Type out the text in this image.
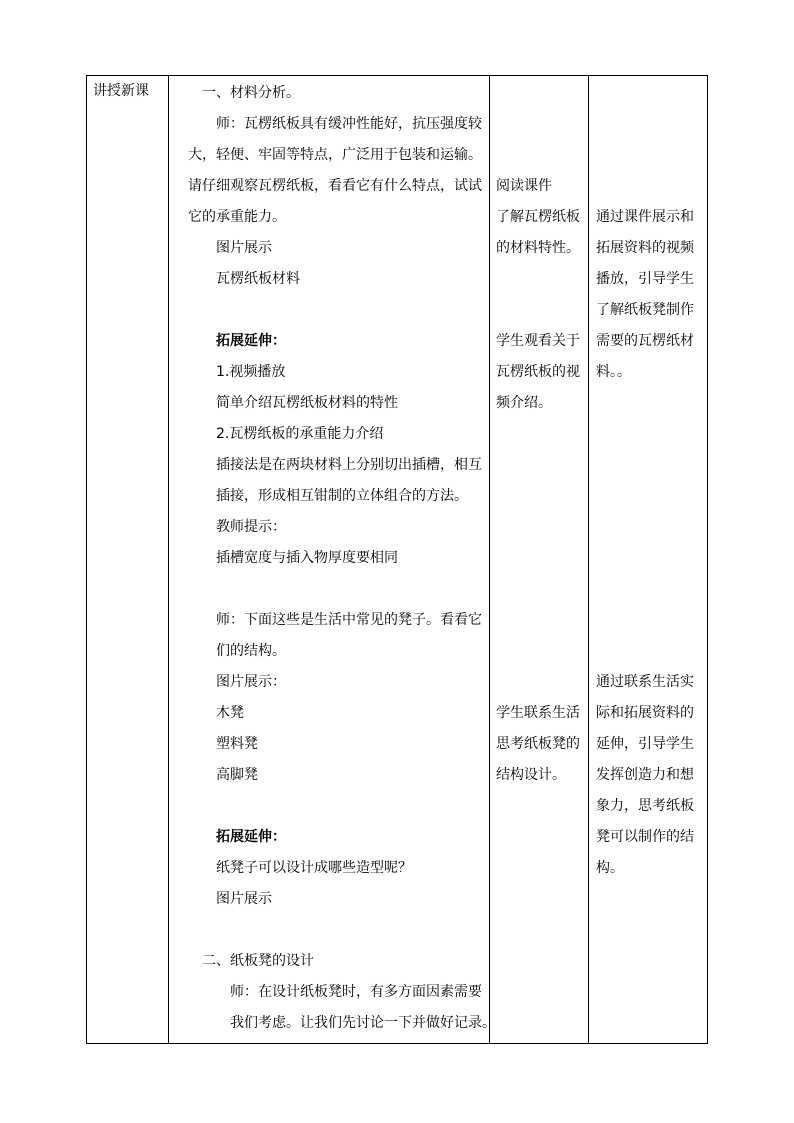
讲授新课	一、材料分析。
师：瓦楞纸板具有缓冲性能好，抗压强度较
大，轻便、牢固等特点，广泛用于包装和运输。
请仔细观察瓦楞纸板，看看它有什么特点，试试
它的承重能力。
图片展示
瓦楞纸板材料
拓展延伸：
1.视频播放
简单介绍瓦楞纸板材料的特性
2.瓦楞纸板的承重能力介绍
插接法是在两块材料上分别切出插槽，相互
插接，形成相互钳制的立体组合的方法。
教师提示：
插槽宽度与插入物厚度要相同
师：下面这些是生活中常见的凳子。看看它
们的结构。
图片展示：
木凳
塑料凳
高脚凳
拓展延伸：
纸凳子可以设计成哪些造型呢？
图片展示
二、纸板凳的设计
师：在设计纸板凳时，有多方面因素需要
我们考虑。让我们先讨论一下并做好记录。
阅读课件
了解瓦楞纸板
的材料特性。
学生观看关于
瓦楞纸板的视
频介绍。
学生联系生活
思考纸板凳的
结构设计。
通过课件展示和
拓展资料的视频
播放，引导学生
了解纸板凳制作
需要的瓦楞纸材
料。。
通过联系生活实
际和拓展资料的
延伸，引导学生
发挥创造力和想
象力，思考纸板
凳可以制作的结
构。
